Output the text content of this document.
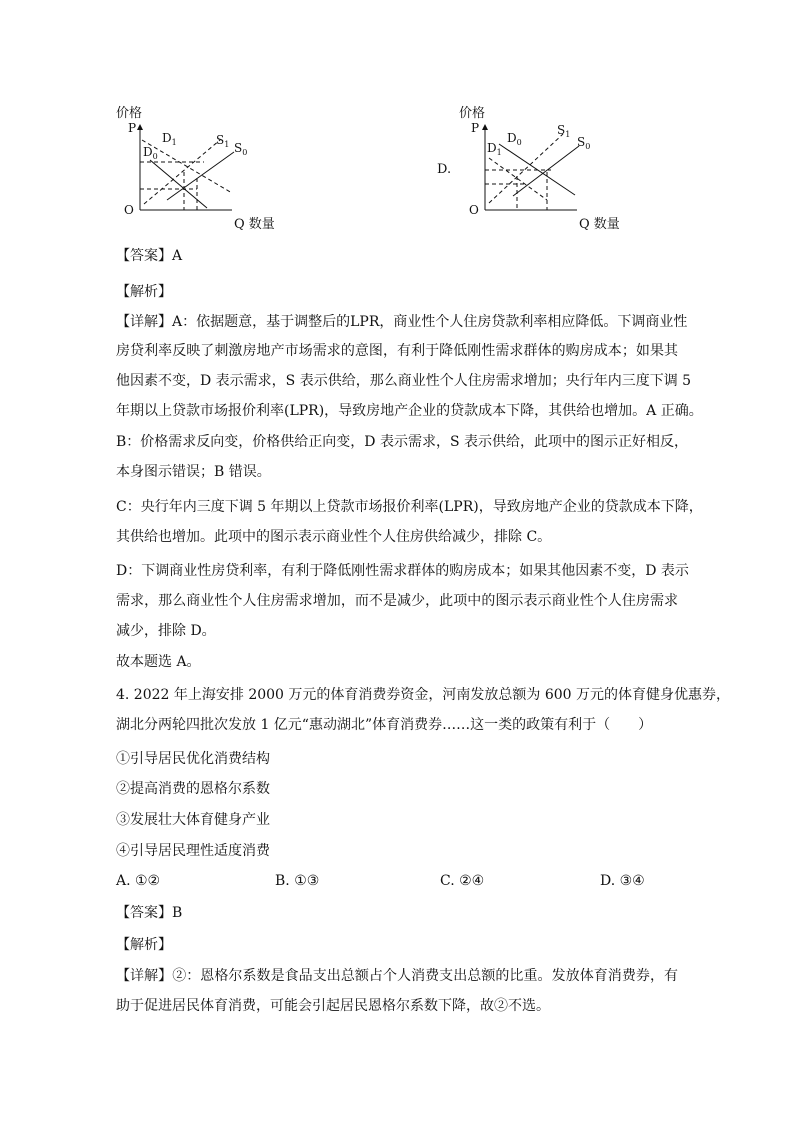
价格
P
O
Q 数量
$D_1$
$D_0$
$S_1$ $S_0$
D.
价格
P
O
Q 数量
$D_0$
$D_1$
$S_1$
$S_0$
【答案】A
【解析】
【详解】A：依据题意，基于调整后的LPR，商业性个人住房贷款利率相应降低。下调商业性
房贷利率反映了刺激房地产市场需求的意图，有利于降低刚性需求群体的购房成本；如果其
他因素不变，D 表示需求，S 表示供给，那么商业性个人住房需求增加；央行年内三度下调 5
年期以上贷款市场报价利率(LPR)，导致房地产企业的贷款成本下降，其供给也增加。A 正确。
B：价格需求反向变，价格供给正向变，D 表示需求，S 表示供给，此项中的图示正好相反，
本身图示错误；B 错误。
C：央行年内三度下调 5 年期以上贷款市场报价利率(LPR)，导致房地产企业的贷款成本下降，
其供给也增加。此项中的图示表示商业性个人住房供给减少，排除 C。
D：下调商业性房贷利率，有利于降低刚性需求群体的购房成本；如果其他因素不变，D 表示
需求，那么商业性个人住房需求增加，而不是减少，此项中的图示表示商业性个人住房需求
减少，排除 D。
故本题选 A。
4. 2022 年上海安排 2000 万元的体育消费券资金，河南发放总额为 600 万元的体育健身优惠券，
湖北分两轮四批次发放 1 亿元“惠动湖北”体育消费券……这一类的政策有利于（　　）
①引导居民优化消费结构
②提高消费的恩格尔系数
③发展壮大体育健身产业
④引导居民理性适度消费
A. ①②	B. ①③	C. ②④	D. ③④
【答案】B
【解析】
【详解】②：恩格尔系数是食品支出总额占个人消费支出总额的比重。发放体育消费券，有
助于促进居民体育消费，可能会引起居民恩格尔系数下降，故②不选。
